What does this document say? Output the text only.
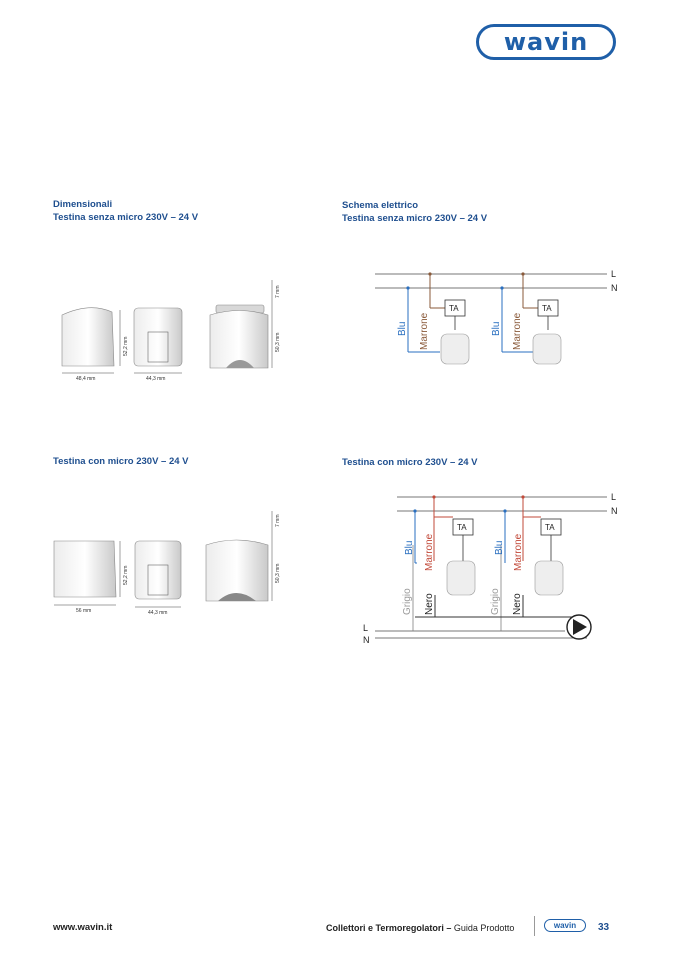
wavin
Dimensionali
Testina senza micro 230V – 24 V
Schema elettrico
Testina senza micro 230V – 24 V
48,4 mm
52,2 mm
44,3 mm
7 mm
50,3 mm
L
N
TA
Blu Marrone
TA
Blu Marrone
Testina con micro 230V – 24 V
56 mm
52,2 mm
44,3 mm
7 mm
50,3 mm
Testina con micro 230V – 24 V
L
N
TA
Blu Marrone
Grigio Nero
TA
Blu Marrone
Grigio Nero
L
N
www.wavin.it	Collettori e Termoregolatori – Guida Prodotto	wavin	33
